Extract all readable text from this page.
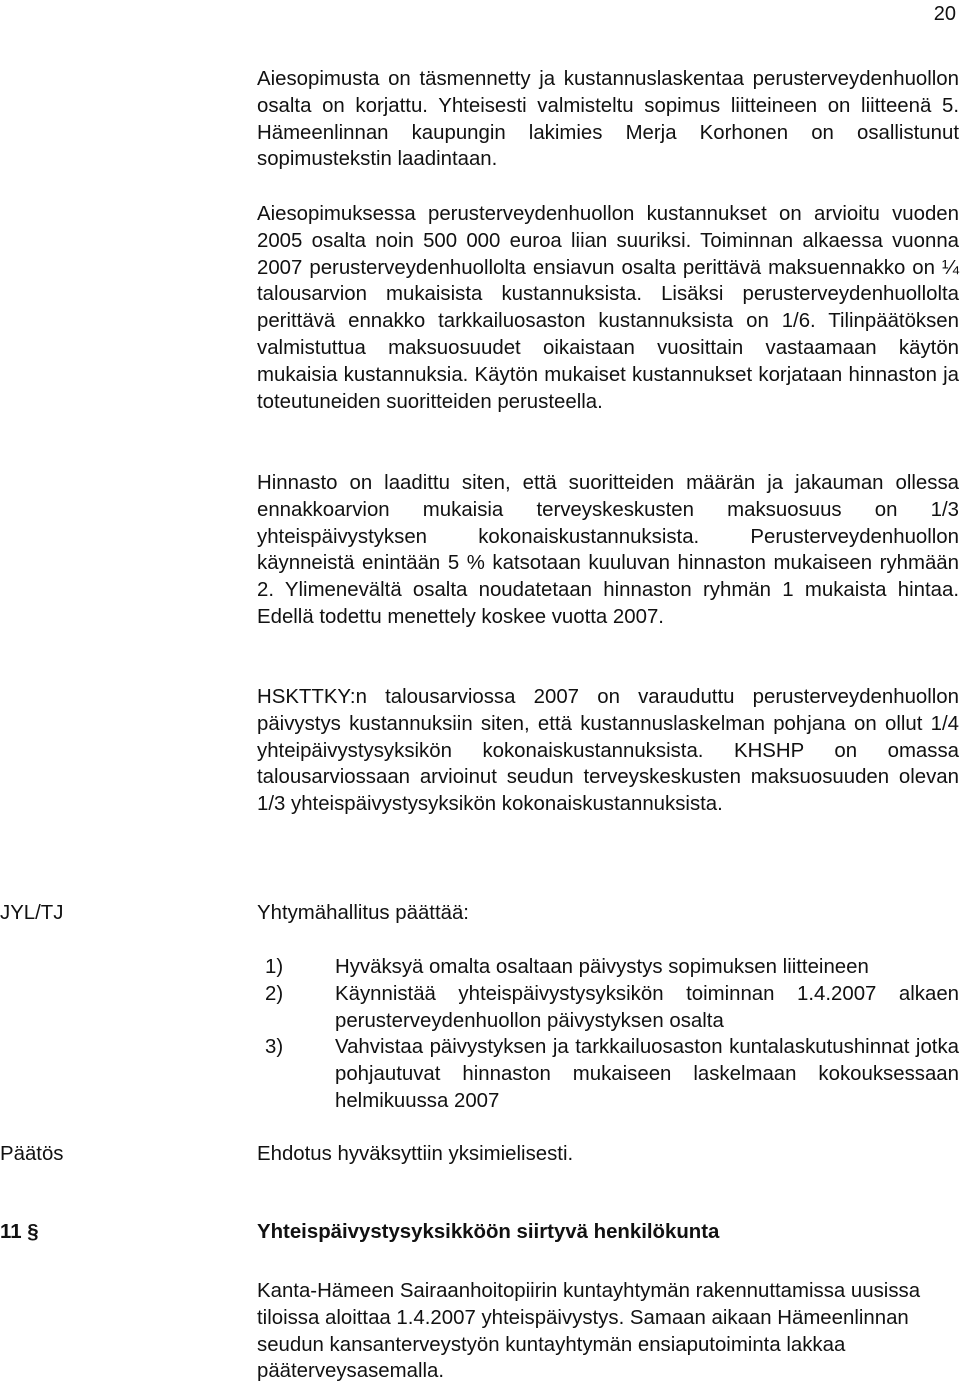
20

Aiesopimusta on täsmennetty ja kustannuslaskentaa perusterveydenhuollon osalta on korjattu. Yhteisesti valmisteltu sopimus liitteineen on liitteenä 5. Hämeenlinnan kaupungin lakimies Merja Korhonen on osallistunut sopimustekstin laadintaan.

Aiesopimuksessa perusterveydenhuollon kustannukset on arvioitu vuoden 2005 osalta noin 500 000 euroa liian suuriksi. Toiminnan alkaessa vuonna 2007 perusterveydenhuollolta ensiavun osalta perittävä maksuennakko on ¼ talousarvion mukaisista kustannuksista. Lisäksi perusterveydenhuollolta perittävä ennakko tarkkailuosaston kustannuksista on 1/6. Tilinpäätöksen valmistuttua maksuosuudet oikaistaan vuosittain vastaamaan käytön mukaisia kustannuksia. Käytön mukaiset kustannukset korjataan hinnaston ja toteutuneiden suoritteiden perusteella.

Hinnasto on laadittu siten, että suoritteiden määrän ja jakauman ollessa ennakkoarvion mukaisia terveyskeskusten maksuosuus on 1/3 yhteispäivystyksen kokonaiskustannuksista. Perusterveydenhuollon käynneistä enintään 5 % katsotaan kuuluvan hinnaston mukaiseen ryhmään 2. Ylimenevältä osalta noudatetaan hinnaston ryhmän 1 mukaista hintaa. Edellä todettu menettely koskee vuotta 2007.

HSKTTKY:n talousarviossa 2007 on varauduttu perusterveydenhuollon päivystys kustannuksiin siten, että kustannuslaskelman pohjana on ollut 1/4 yhteipäivystysyksikön kokonaiskustannuksista. KHSHP on omassa talousarviossaan arvioinut seudun terveyskeskusten maksuosuuden olevan 1/3 yhteispäivystysyksikön kokonaiskustannuksista.

JYL/TJ	Yhtymähallitus päättää:
1)	Hyväksyä omalta osaltaan päivystys sopimuksen liitteineen
2)	Käynnistää yhteispäivystysyksikön toiminnan 1.4.2007 alkaen perusterveydenhuollon päivystyksen osalta
3)	Vahvistaa päivystyksen ja tarkkailuosaston kuntalaskutushinnat jotka pohjautuvat hinnaston mukaiseen laskelmaan kokouksessaan helmikuussa 2007
Päätös	Ehdotus hyväksyttiin yksimielisesti.
11 §	Yhteispäivystysyksikköön siirtyvä henkilökunta

Kanta-Hämeen Sairaanhoitopiirin kuntayhtymän rakennuttamissa uusissa tiloissa aloittaa 1.4.2007 yhteispäivystys. Samaan aikaan Hämeenlinnan seudun kansanterveystyön kuntayhtymän ensiaputoiminta lakkaa pääterveysasemalla.
